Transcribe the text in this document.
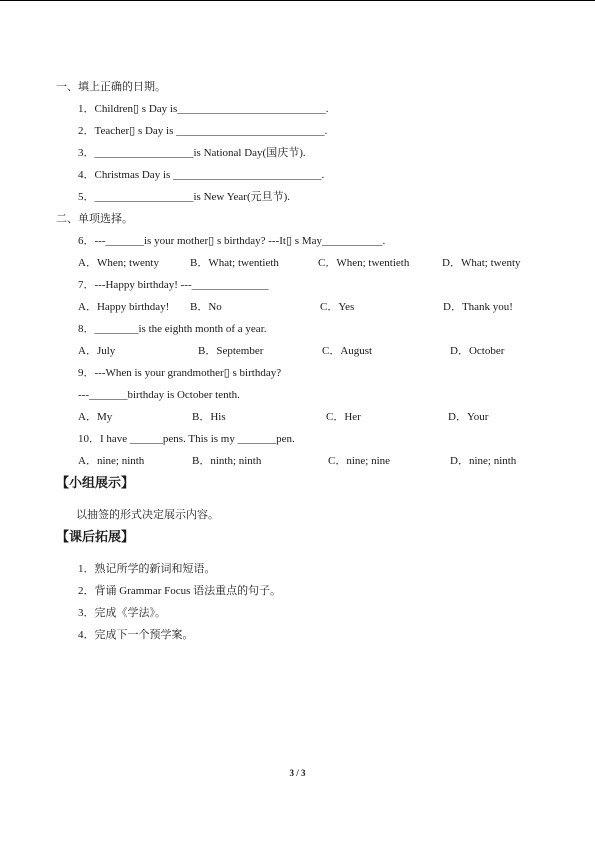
一、填上正确的日期。
1．Children▯ s Day is___________________________.
2．Teacher▯ s Day is ___________________________.
3．__________________is National Day(国庆节).
4．Christmas Day is ___________________________.
5．__________________is New Year(元旦节).
二、单项选择。
6．---_______is your mother▯ s birthday? ---It▯ s May___________.
A．When; twenty	B．What; twentieth	C．When; twentieth	D．What; twenty
7．---Happy birthday! ---______________
A．Happy birthday! B．No	C．Yes	D．Thank you!
8．________is the eighth month of a year.
A．July	B．September	C．August	D．October
9．---When is your grandmother▯ s birthday?
---_______birthday is October tenth.
A．My	B．His	C．Her	D．Your
10．I have ______pens. This is my _______pen.
A．nine; ninth	B．ninth; ninth	C．nine; nine	D．nine; ninth
【小组展示】
以抽签的形式决定展示内容。
【课后拓展】
1．熟记所学的新词和短语。
2．背诵 Grammar Focus 语法重点的句子。
3．完成《学法》。
4．完成下一个预学案。
3 / 3
